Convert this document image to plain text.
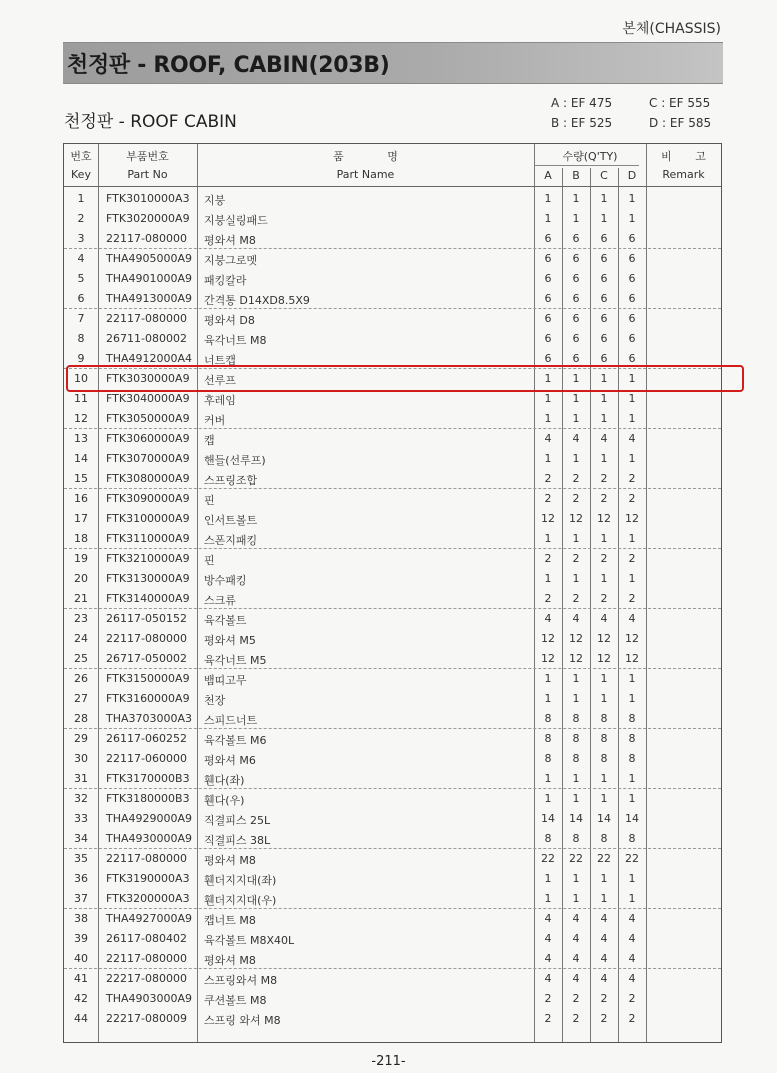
본체(CHASSIS)
천정판 - ROOF, CABIN(203B)
천정판 - ROOF CABIN
A : EF 475	C : EF 555
B : EF 525	D : EF 585
번호
Key
부품번호
Part No
품 명
Part Name
수량(Q'TY)
A	B	C	D
비 고
Remark
1	FTK3010000A3 지붕	1	1	1	1
2	FTK3020000A9 지붕실링패드	1	1	1	1
3	22117-080000 평와셔 M8	6	6	6	6
4	THA4905000A9 지붕그로멧	6	6	6	6
5	THA4901000A9 패킹칼라	6	6	6	6
6	THA4913000A9 간격통 D14XD8.5X9	6	6	6	6
7	22117-080000 평와셔 D8	6	6	6	6
8	26711-080002 육각너트 M8	6	6	6	6
9	THA4912000A4 너트캡	6	6	6	6
10	FTK3030000A9 선루프	1	1	1	1
11	FTK3040000A9 후레임	1	1	1	1
12	FTK3050000A9 커버	1	1	1	1
13	FTK3060000A9 캡	4	4	4	4
14	FTK3070000A9 핸들(선루프)	1	1	1	1
15	FTK3080000A9 스프링조합	2	2	2	2
16	FTK3090000A9 핀	2	2	2	2
17	FTK3100000A9 인서트볼트	12	12	12	12
18	FTK3110000A9 스폰지패킹	1	1	1	1
19	FTK3210000A9 핀	2	2	2	2
20	FTK3130000A9 방수패킹	1	1	1	1
21	FTK3140000A9 스크류	2	2	2	2
23	26117-050152 육각볼트	4	4	4	4
24	22117-080000 평와셔 M5	12	12	12	12
25	26717-050002 육각너트 M5	12	12	12	12
26	FTK3150000A9 뱀띠고무	1	1	1	1
27	FTK3160000A9 천장	1	1	1	1
28	THA3703000A3 스피드너트	8	8	8	8
29	26117-060252 육각볼트 M6	8	8	8	8
30	22117-060000 평와셔 M6	8	8	8	8
31	FTK3170000B3 휀다(좌)	1	1	1	1
32	FTK3180000B3 휀다(우)	1	1	1	1
33	THA4929000A9 직결피스 25L	14	14	14	14
34	THA4930000A9 직결피스 38L	8	8	8	8
35	22117-080000 평와셔 M8	22	22	22	22
36	FTK3190000A3 휀더지지대(좌)	1	1	1	1
37	FTK3200000A3 휀더지지대(우)	1	1	1	1
38	THA4927000A9 캡너트 M8	4	4	4	4
39	26117-080402 육각볼트 M8X40L	4	4	4	4
40	22117-080000 평와셔 M8	4	4	4	4
41	22217-080000 스프링와셔 M8	4	4	4	4
42	THA4903000A9 쿠션볼트 M8	2	2	2	2
44	22217-080009 스프링 와셔 M8	2	2	2	2
-211-
